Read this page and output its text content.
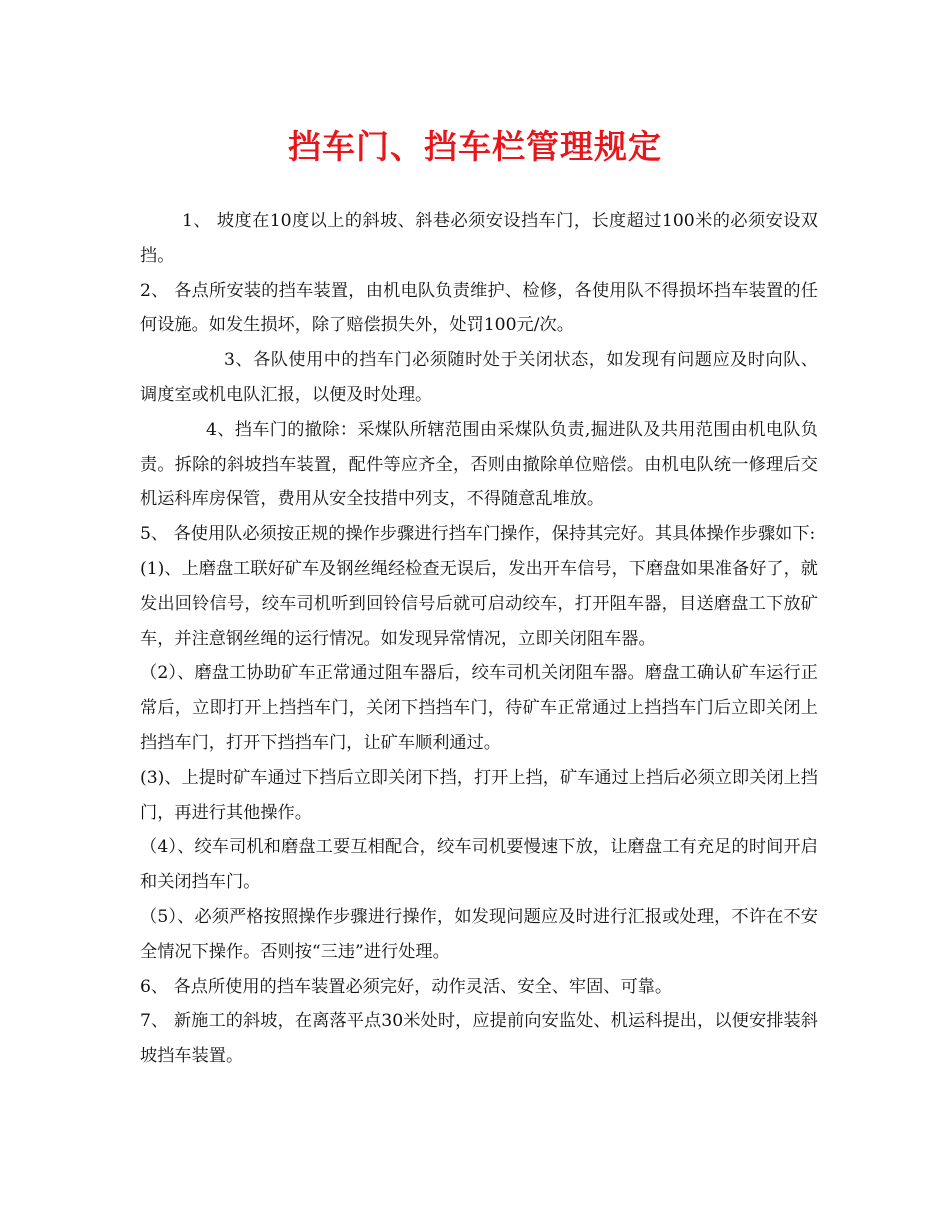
挡车门、挡车栏管理规定

1、 坡度在10度以上的斜坡、斜巷必须安设挡车门，长度超过100米的必须安设双挡。

2、 各点所安装的挡车装置，由机电队负责维护、检修，各使用队不得损坏挡车装置的任何设施。如发生损坏，除了赔偿损失外，处罚100元/次。

3、各队使用中的挡车门必须随时处于关闭状态，如发现有问题应及时向队、调度室或机电队汇报，以便及时处理。

4、挡车门的撤除：采煤队所辖范围由采煤队负责,掘进队及共用范围由机电队负责。拆除的斜坡挡车装置，配件等应齐全，否则由撤除单位赔偿。由机电队统一修理后交机运科库房保管，费用从安全技措中列支，不得随意乱堆放。

5、 各使用队必须按正规的操作步骤进行挡车门操作，保持其完好。其具体操作步骤如下:

(1)、上磨盘工联好矿车及钢丝绳经检查无误后，发出开车信号，下磨盘如果准备好了，就发出回铃信号，绞车司机听到回铃信号后就可启动绞车，打开阻车器，目送磨盘工下放矿车，并注意钢丝绳的运行情况。如发现异常情况，立即关闭阻车器。

（2）、磨盘工协助矿车正常通过阻车器后，绞车司机关闭阻车器。磨盘工确认矿车运行正常后，立即打开上挡挡车门，关闭下挡挡车门，待矿车正常通过上挡挡车门后立即关闭上挡挡车门，打开下挡挡车门，让矿车顺利通过。

(3)、上提时矿车通过下挡后立即关闭下挡，打开上挡，矿车通过上挡后必须立即关闭上挡门，再进行其他操作。

（4）、绞车司机和磨盘工要互相配合，绞车司机要慢速下放，让磨盘工有充足的时间开启和关闭挡车门。

（5）、必须严格按照操作步骤进行操作，如发现问题应及时进行汇报或处理，不许在不安全情况下操作。否则按“三违”进行处理。

6、 各点所使用的挡车装置必须完好，动作灵活、安全、牢固、可靠。

7、 新施工的斜坡，在离落平点30米处时，应提前向安监处、机运科提出，以便安排装斜坡挡车装置。
